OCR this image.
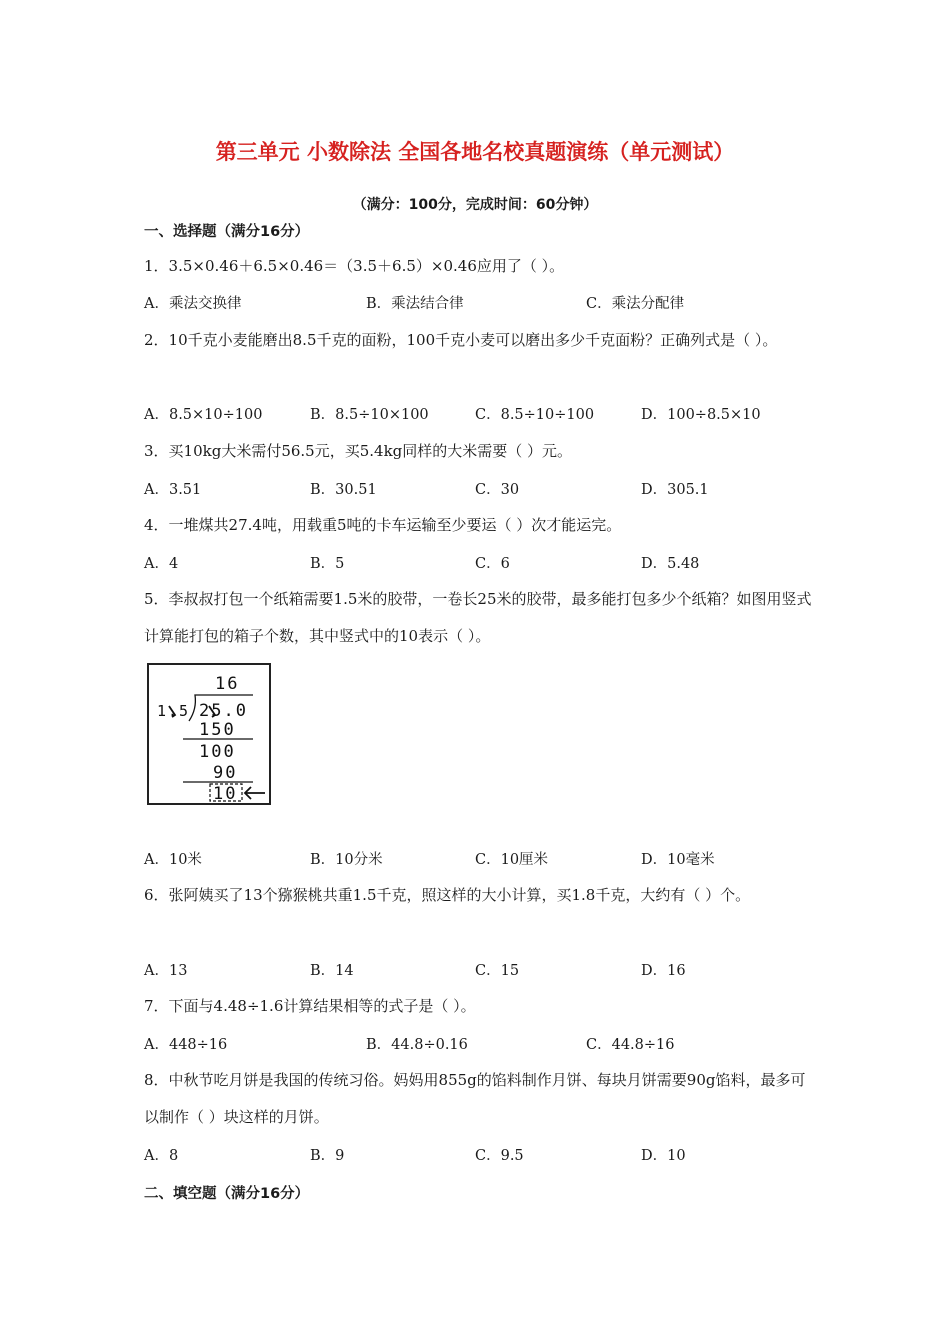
第三单元 小数除法 全国各地名校真题演练（单元测试）
（满分：100分，完成时间：60分钟）
一、选择题（满分16分）
1．3.5×0.46＋6.5×0.46＝（3.5＋6.5）×0.46应用了（ ）。
A．乘法交换律	B．乘法结合律	C．乘法分配律
2．10千克小麦能磨出8.5千克的面粉，100千克小麦可以磨出多少千克面粉？正确列式是（ ）。
A．8.5×10÷100	B．8.5÷10×100	C．8.5÷10÷100	D．100÷8.5×10
3．买10kg大米需付56.5元，买5.4kg同样的大米需要（ ）元。
A．3.51	B．30.51	C．30	D．305.1
4．一堆煤共27.4吨，用载重5吨的卡车运输至少要运（ ）次才能运完。
A．4	B．5	C．6	D．5.48
5．李叔叔打包一个纸箱需要1.5米的胶带，一卷长25米的胶带，最多能打包多少个纸箱？如图用竖式计算能打包的箱子个数，其中竖式中的10表示（ ）。
16
1.5 25.0
150
100
90
10
A．10米	B．10分米	C．10厘米	D．10毫米
6．张阿姨买了13个猕猴桃共重1.5千克，照这样的大小计算，买1.8千克，大约有（ ）个。
A．13	B．14	C．15	D．16
7．下面与4.48÷1.6计算结果相等的式子是（ ）。
A．448÷16	B．44.8÷0.16	C．44.8÷16
8．中秋节吃月饼是我国的传统习俗。妈妈用855g的馅料制作月饼、每块月饼需要90g馅料，最多可以制作（ ）块这样的月饼。
A．8	B．9	C．9.5	D．10
二、填空题（满分16分）
